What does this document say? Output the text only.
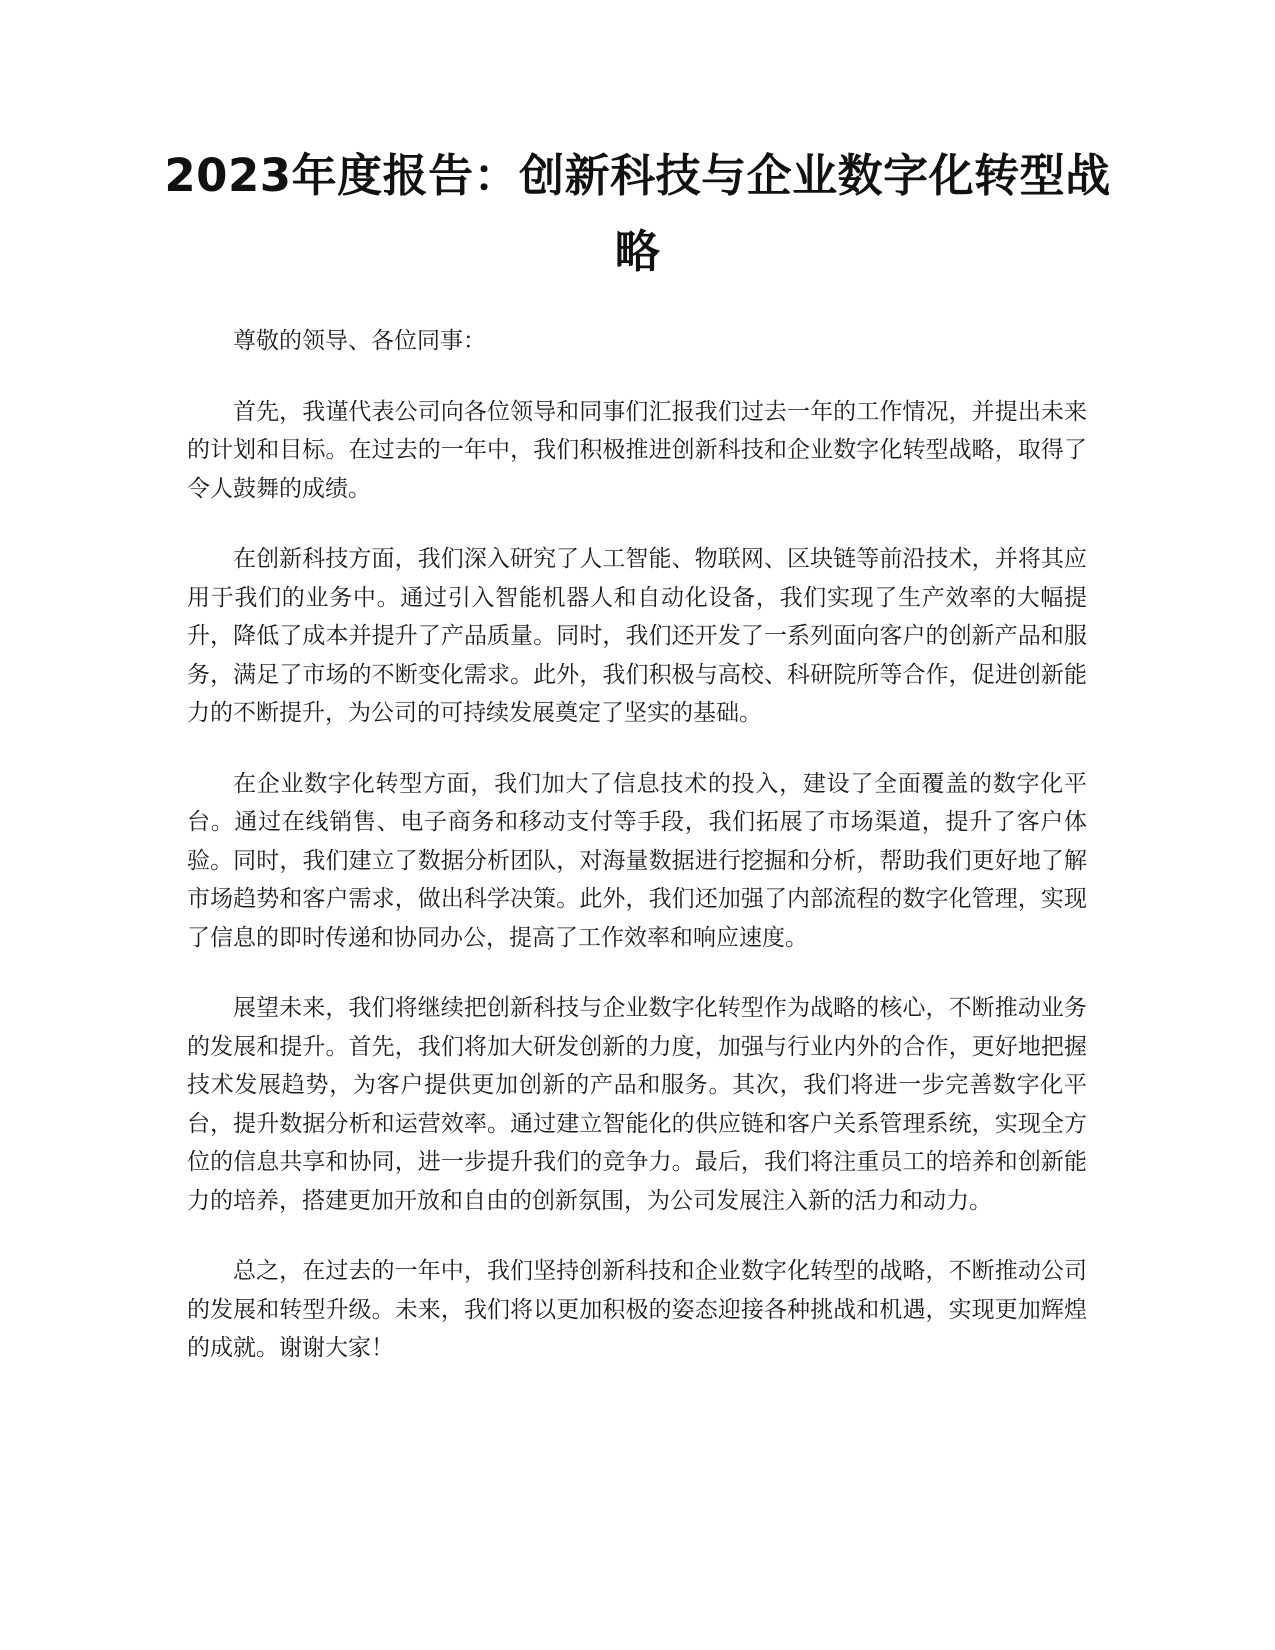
2023年度报告：创新科技与企业数字化转型战略

尊敬的领导、各位同事：

首先，我谨代表公司向各位领导和同事们汇报我们过去一年的工作情况，并提出未来的计划和目标。在过去的一年中，我们积极推进创新科技和企业数字化转型战略，取得了令人鼓舞的成绩。

在创新科技方面，我们深入研究了人工智能、物联网、区块链等前沿技术，并将其应用于我们的业务中。通过引入智能机器人和自动化设备，我们实现了生产效率的大幅提升，降低了成本并提升了产品质量。同时，我们还开发了一系列面向客户的创新产品和服务，满足了市场的不断变化需求。此外，我们积极与高校、科研院所等合作，促进创新能力的不断提升，为公司的可持续发展奠定了坚实的基础。

在企业数字化转型方面，我们加大了信息技术的投入，建设了全面覆盖的数字化平台。通过在线销售、电子商务和移动支付等手段，我们拓展了市场渠道，提升了客户体验。同时，我们建立了数据分析团队，对海量数据进行挖掘和分析，帮助我们更好地了解市场趋势和客户需求，做出科学决策。此外，我们还加强了内部流程的数字化管理，实现了信息的即时传递和协同办公，提高了工作效率和响应速度。

展望未来，我们将继续把创新科技与企业数字化转型作为战略的核心，不断推动业务的发展和提升。首先，我们将加大研发创新的力度，加强与行业内外的合作，更好地把握技术发展趋势，为客户提供更加创新的产品和服务。其次，我们将进一步完善数字化平台，提升数据分析和运营效率。通过建立智能化的供应链和客户关系管理系统，实现全方位的信息共享和协同，进一步提升我们的竞争力。最后，我们将注重员工的培养和创新能力的培养，搭建更加开放和自由的创新氛围，为公司发展注入新的活力和动力。

总之，在过去的一年中，我们坚持创新科技和企业数字化转型的战略，不断推动公司的发展和转型升级。未来，我们将以更加积极的姿态迎接各种挑战和机遇，实现更加辉煌的成就。谢谢大家！
